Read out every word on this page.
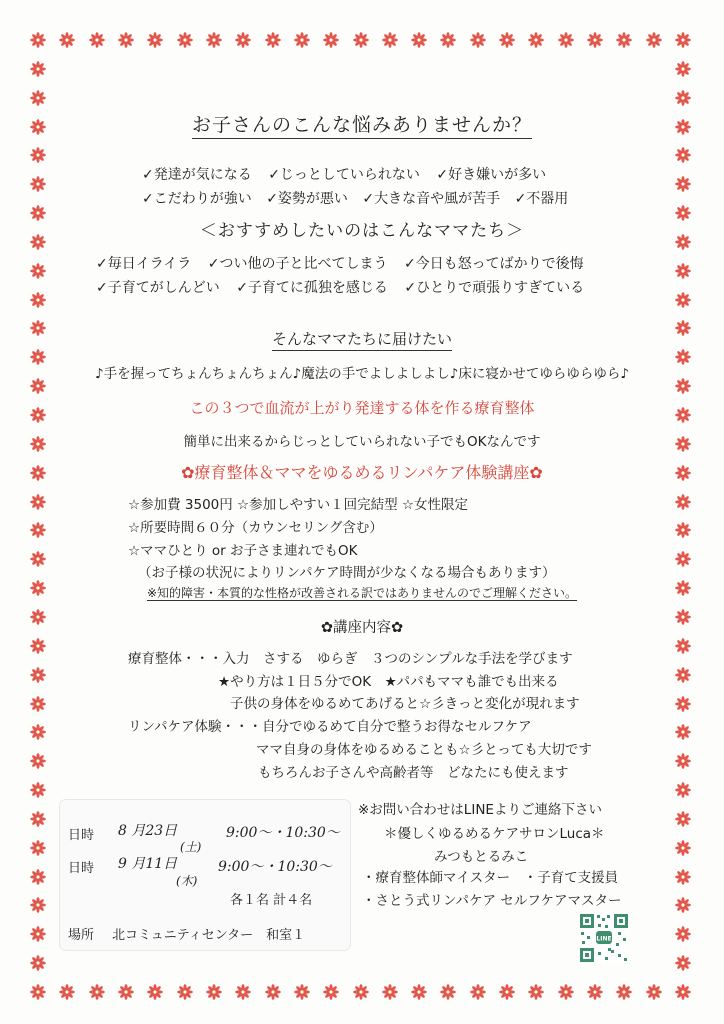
お子さんのこんな悩みありませんか？
✓発達が気になる ✓じっとしていられない ✓好き嫌いが多い
✓こだわりが強い ✓姿勢が悪い ✓大きな音や風が苦手 ✓不器用
＜おすすめしたいのはこんなママたち＞
✓毎日イライラ ✓つい他の子と比べてしまう ✓今日も怒ってばかりで後悔
✓子育てがしんどい ✓子育てに孤独を感じる ✓ひとりで頑張りすぎている
そんなママたちに届けたい
♪手を握ってちょんちょんちょん♪魔法の手でよしよしよし♪床に寝かせてゆらゆらゆら♪
この３つで血流が上がり発達する体を作る療育整体
簡単に出来るからじっとしていられない子でもOKなんです
✿療育整体＆ママをゆるめるリンパケア体験講座✿
☆参加費 3500円 ☆参加しやすい１回完結型 ☆女性限定
☆所要時間６０分（カウンセリング含む）
☆ママひとり or お子さま連れでもOK
（お子様の状況によりリンパケア時間が少なくなる場合もあります）
※知的障害・本質的な性格が改善される訳ではありませんのでご理解ください。
✿講座内容✿
療育整体・・・入力　さする　ゆらぎ　３つのシンプルな手法を学びます
★やり方は１日５分でOK　★パパもママも誰でも出来る
子供の身体をゆるめてあげると☆彡きっと変化が現れます
リンパケア体験・・・自分でゆるめて自分で整うお得なセルフケア
ママ自身の身体をゆるめることも☆彡とっても大切です
もちろんお子さんや高齢者等　どなたにも使えます
日時 8 月23日
(土)
9:00～・10:30～
日時 9 月11日
(木)
9:00～・10:30～
各１名 計４名
場所 北コミュニティセンター　和室１
※お問い合わせはLINEよりご連絡下さい
＊優しくゆるめるケアサロンLuca＊
みつもとるみこ
・療育整体師マイスター　・子育て支援員
・さとう式リンパケア セルフケアマスター
LINE
